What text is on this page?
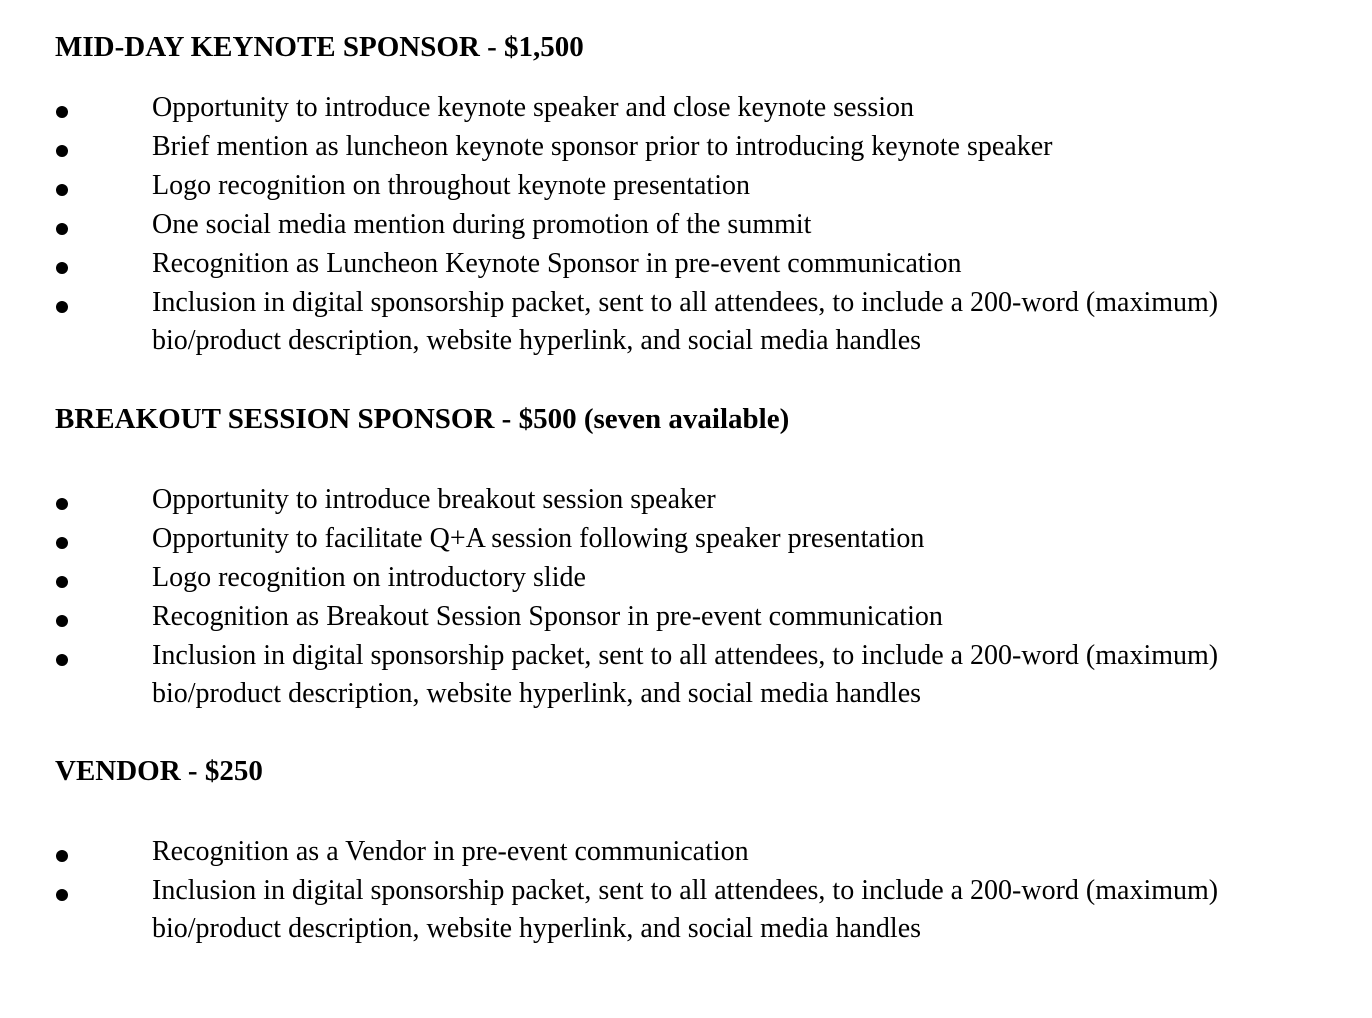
MID-DAY KEYNOTE SPONSOR - $1,500
Opportunity to introduce keynote speaker and close keynote session
Brief mention as luncheon keynote sponsor prior to introducing keynote speaker
Logo recognition on throughout keynote presentation
One social media mention during promotion of the summit
Recognition as Luncheon Keynote Sponsor in pre-event communication
Inclusion in digital sponsorship packet, sent to all attendees, to include a 200-word (maximum)
bio/product description, website hyperlink, and social media handles
BREAKOUT SESSION SPONSOR - $500 (seven available)
Opportunity to introduce breakout session speaker
Opportunity to facilitate Q+A session following speaker presentation
Logo recognition on introductory slide
Recognition as Breakout Session Sponsor in pre-event communication
Inclusion in digital sponsorship packet, sent to all attendees, to include a 200-word (maximum)
bio/product description, website hyperlink, and social media handles
VENDOR - $250
Recognition as a Vendor in pre-event communication
Inclusion in digital sponsorship packet, sent to all attendees, to include a 200-word (maximum)
bio/product description, website hyperlink, and social media handles
